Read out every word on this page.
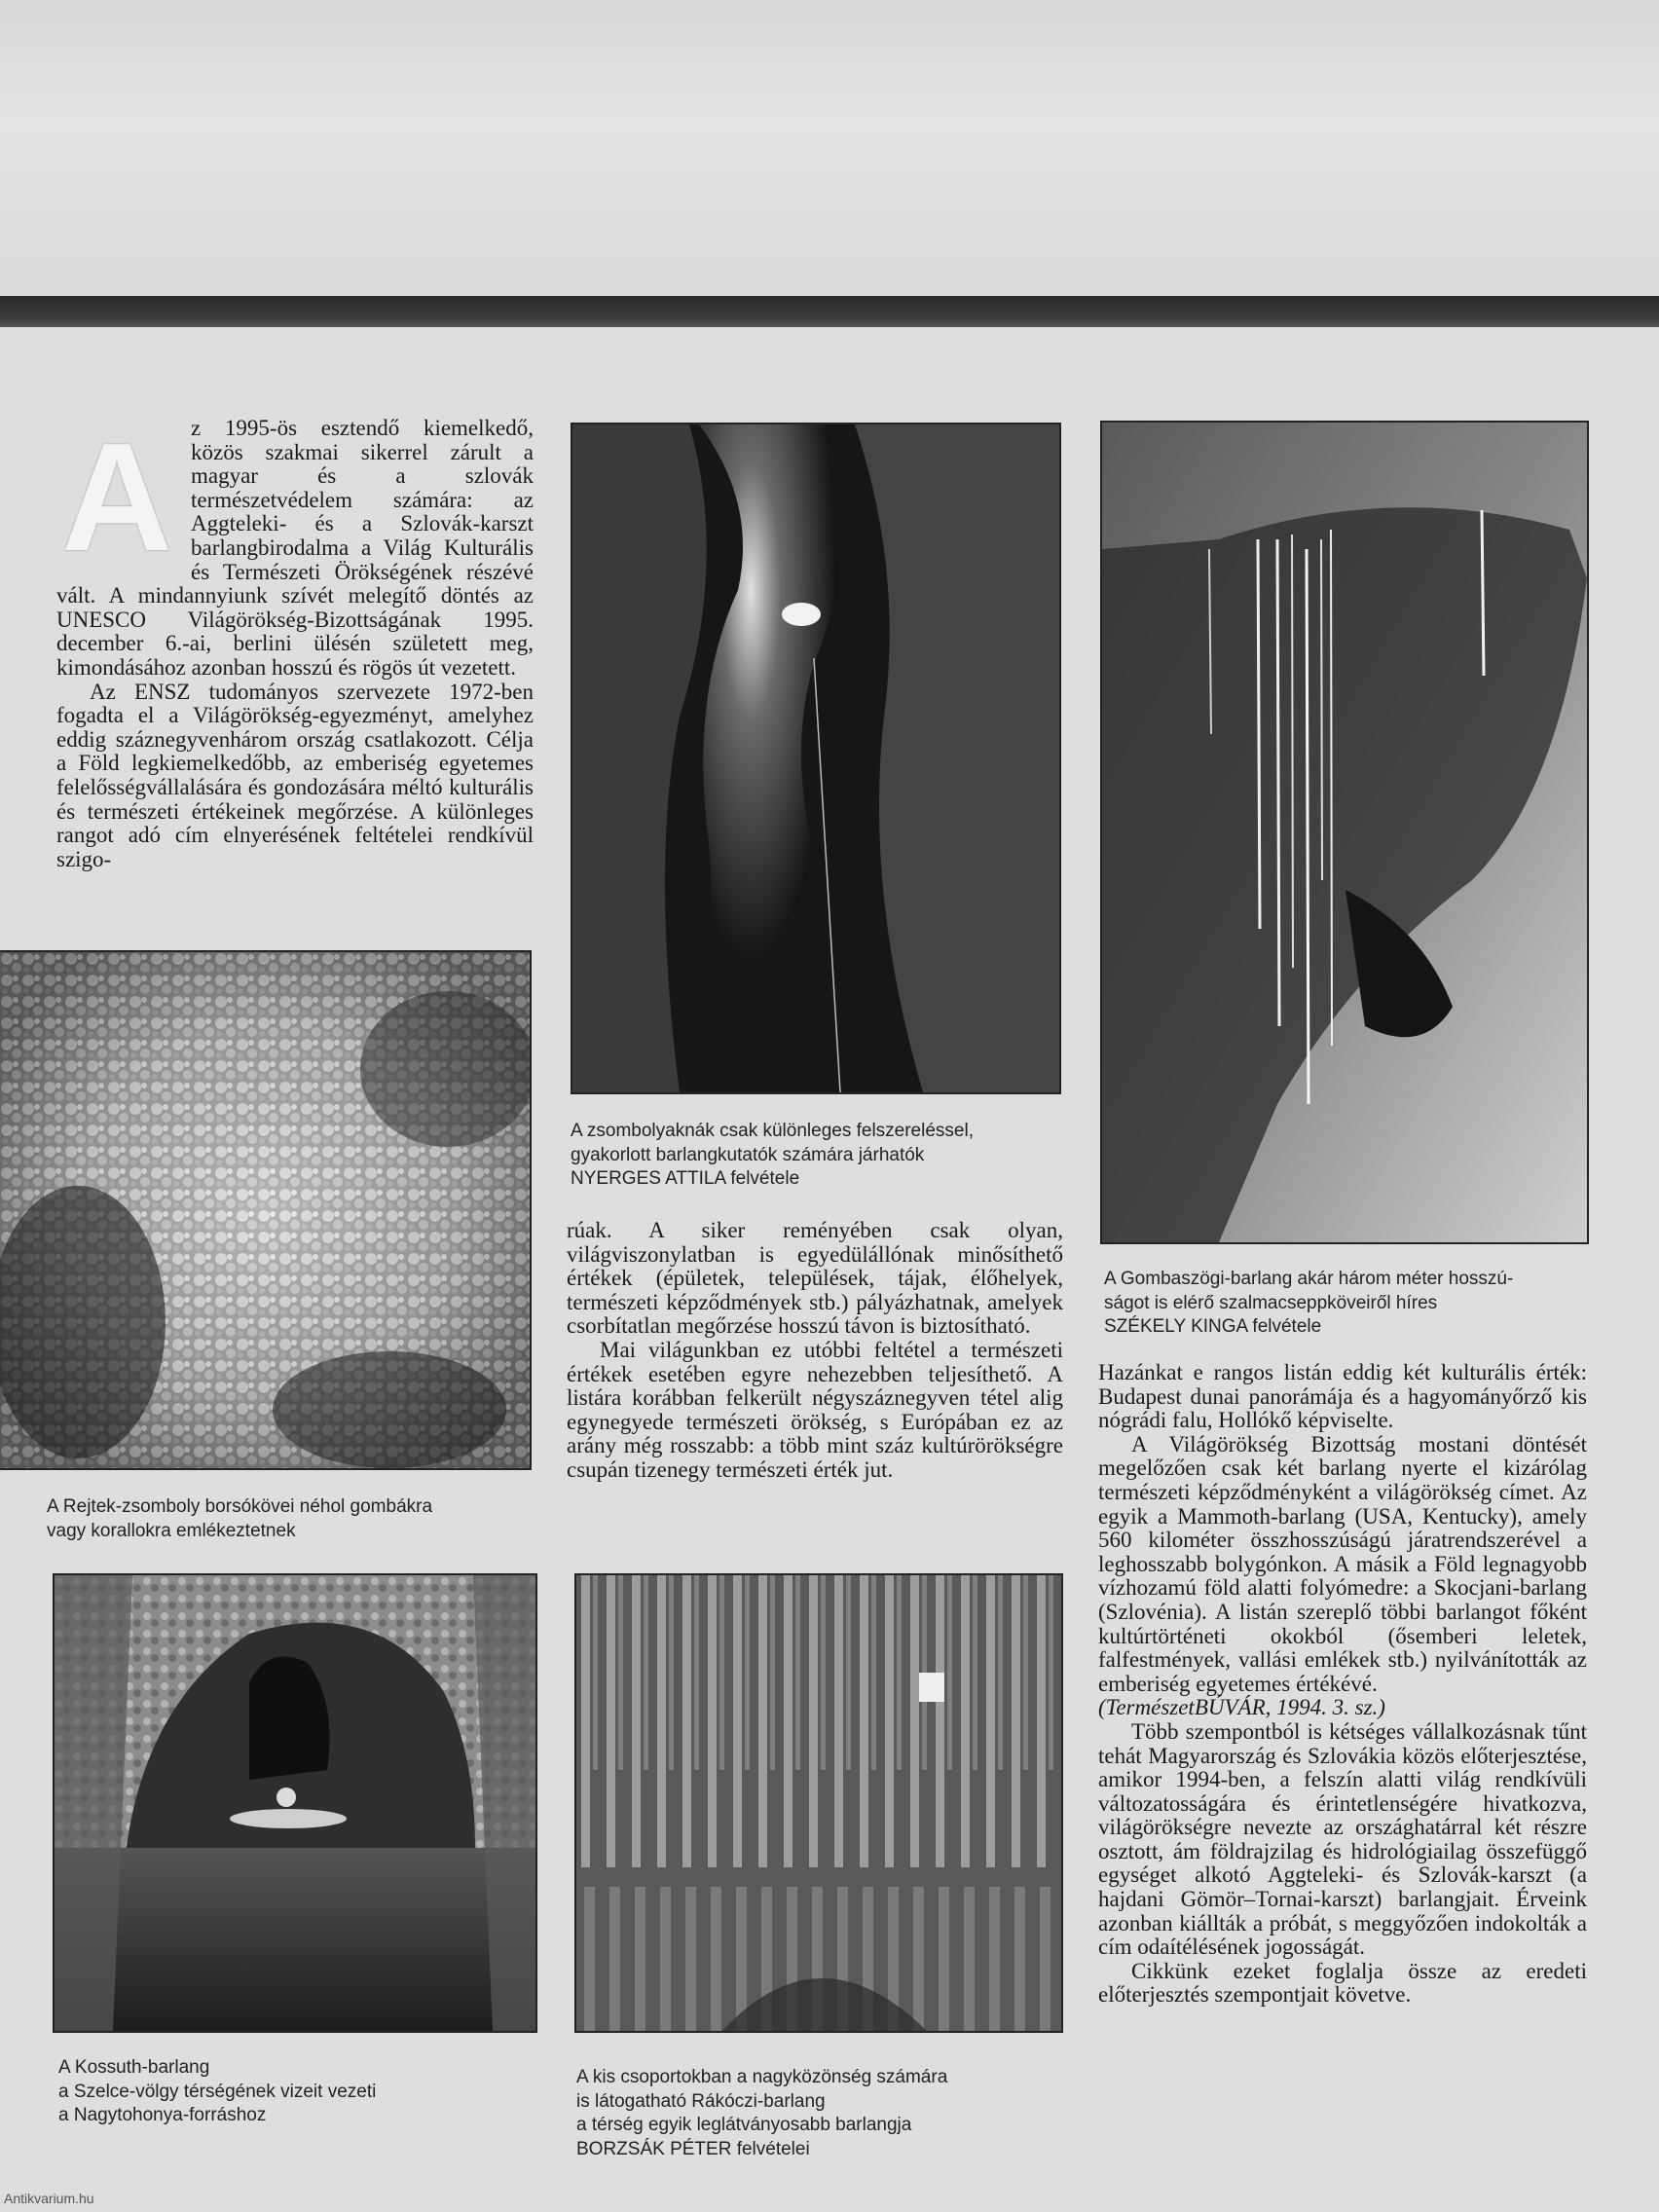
A z 1995-ös esztendő kiemelkedő, közös szakmai sikerrel zárult a magyar és a szlovák természetvédelem számára: az Aggteleki- és a Szlovák-karszt barlangbirodalma a Világ Kulturális és Természeti Örökségének részévé vált. A mindannyiunk szívét melegítő döntés az UNESCO Világörökség-Bizottságának 1995. december 6.-ai, berlini ülésén született meg, kimondásához azonban hosszú és rögös út vezetett.

Az ENSZ tudományos szervezete 1972-ben fogadta el a Világörökség-egyezményt, amelyhez eddig száznegyvenhárom ország csatlakozott. Célja a Föld legkiemelkedőbb, az emberiség egyetemes felelősségvállalására és gondozására méltó kulturális és természeti értékeinek megőrzése. A különleges rangot adó cím elnyerésének feltételei rendkívül szigo-

A Rejtek-zsomboly borsókövei néhol gombákra
vagy korallokra emlékeztetnek
A Kossuth-barlang
a Szelce-völgy térségének vizeit vezeti
a Nagytohonya-forráshoz
A zsombolyaknák csak különleges felszereléssel,
gyakorlott barlangkutatók számára járhatók
NYERGES ATTILA felvétele

rúak. A siker reményében csak olyan, világviszonylatban is egyedülállónak minősíthető értékek (épületek, települések, tájak, élőhelyek, természeti képződmények stb.) pályázhatnak, amelyek csorbítatlan megőrzése hosszú távon is biztosítható.

Mai világunkban ez utóbbi feltétel a természeti értékek esetében egyre nehezebben teljesíthető. A listára korábban felkerült négyszáznegyven tétel alig egynegyede természeti örökség, s Európában ez az arány még rosszabb: a több mint száz kultúrörökségre csupán tizenegy természeti érték jut.

A kis csoportokban a nagyközönség számára
is látogatható Rákóczi-barlang
a térség egyik leglátványosabb barlangja
BORZSÁK PÉTER felvételei
A Gombaszögi-barlang akár három méter hosszú-
ságot is elérő szalmacseppköveiről híres
SZÉKELY KINGA felvétele

Hazánkat e rangos listán eddig két kulturális érték: Budapest dunai panorámája és a hagyományőrző kis nógrádi falu, Hollókő képviselte.

A Világörökség Bizottság mostani döntését megelőzően csak két barlang nyerte el kizárólag természeti képződményként a világörökség címet. Az egyik a Mammoth-barlang (USA, Kentucky), amely 560 kilométer összhosszúságú járatrendszerével a leghosszabb bolygónkon. A másik a Föld legnagyobb vízhozamú föld alatti folyómedre: a Skocjani-barlang (Szlovénia). A listán szereplő többi barlangot főként kultúrtörténeti okokból (ősemberi leletek, falfestmények, vallási emlékek stb.) nyilvánították az emberiség egyetemes értékévé.

(TermészetBÚVÁR, 1994. 3. sz.)

Több szempontból is kétséges vállalkozásnak tűnt tehát Magyarország és Szlovákia közös előterjesztése, amikor 1994-ben, a felszín alatti világ rendkívüli változatosságára és érintetlenségére hivatkozva, világörökségre nevezte az országhatárral két részre osztott, ám földrajzilag és hidrológiailag összefüggő egységet alkotó Aggteleki- és Szlovák-karszt (a hajdani Gömör–Tornai-karszt) barlangjait. Érveink azonban kiállták a próbát, s meggyőzően indokolták a cím odaítélésének jogosságát.

Cikkünk ezeket foglalja össze az eredeti előterjesztés szempontjait követve.

Antikvarium.hu
